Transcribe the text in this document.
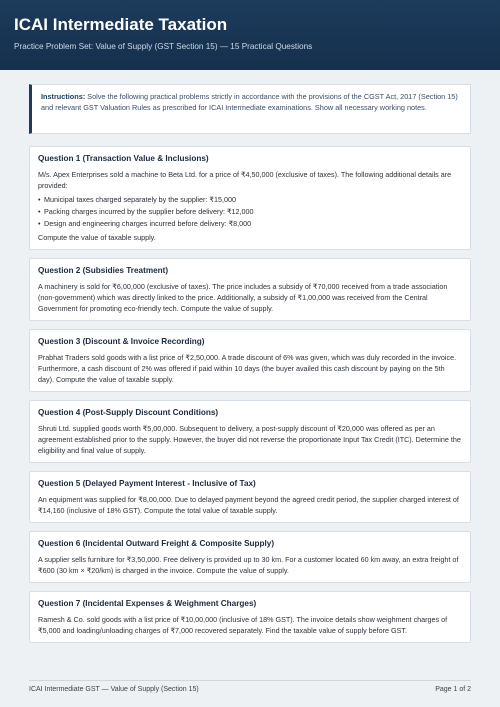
ICAI Intermediate Taxation
Practice Problem Set: Value of Supply (GST Section 15) — 15 Practical Questions
Instructions: Solve the following practical problems strictly in accordance with the provisions of the CGST Act, 2017 (Section 15) and relevant GST Valuation Rules as prescribed for ICAI Intermediate examinations. Show all necessary working notes.
Question 1 (Transaction Value & Inclusions)
M/s. Apex Enterprises sold a machine to Beta Ltd. for a price of ₹4,50,000 (exclusive of taxes). The following additional details are provided:
• Municipal taxes charged separately by the supplier: ₹15,000
• Packing charges incurred by the supplier before delivery: ₹12,000
• Design and engineering charges incurred before delivery: ₹8,000
Compute the value of taxable supply.
Question 2 (Subsidies Treatment)
A machinery is sold for ₹6,00,000 (exclusive of taxes). The price includes a subsidy of ₹70,000 received from a trade association (non-government) which was directly linked to the price. Additionally, a subsidy of ₹1,00,000 was received from the Central Government for promoting eco-friendly tech. Compute the value of supply.
Question 3 (Discount & Invoice Recording)
Prabhat Traders sold goods with a list price of ₹2,50,000. A trade discount of 6% was given, which was duly recorded in the invoice. Furthermore, a cash discount of 2% was offered if paid within 10 days (the buyer availed this cash discount by paying on the 5th day). Compute the value of taxable supply.
Question 4 (Post-Supply Discount Conditions)
Shruti Ltd. supplied goods worth ₹5,00,000. Subsequent to delivery, a post-supply discount of ₹20,000 was offered as per an agreement established prior to the supply. However, the buyer did not reverse the proportionate Input Tax Credit (ITC). Determine the eligibility and final value of supply.
Question 5 (Delayed Payment Interest - Inclusive of Tax)
An equipment was supplied for ₹8,00,000. Due to delayed payment beyond the agreed credit period, the supplier charged interest of ₹14,160 (inclusive of 18% GST). Compute the total value of taxable supply.
Question 6 (Incidental Outward Freight & Composite Supply)
A supplier sells furniture for ₹3,50,000. Free delivery is provided up to 30 km. For a customer located 60 km away, an extra freight of ₹600 (30 km × ₹20/km) is charged in the invoice. Compute the value of supply.
Question 7 (Incidental Expenses & Weighment Charges)
Ramesh & Co. sold goods with a list price of ₹10,00,000 (inclusive of 18% GST). The invoice details show weighment charges of ₹5,000 and loading/unloading charges of ₹7,000 recovered separately. Find the taxable value of supply before GST.
ICAI Intermediate GST — Value of Supply (Section 15)	Page 1 of 2
